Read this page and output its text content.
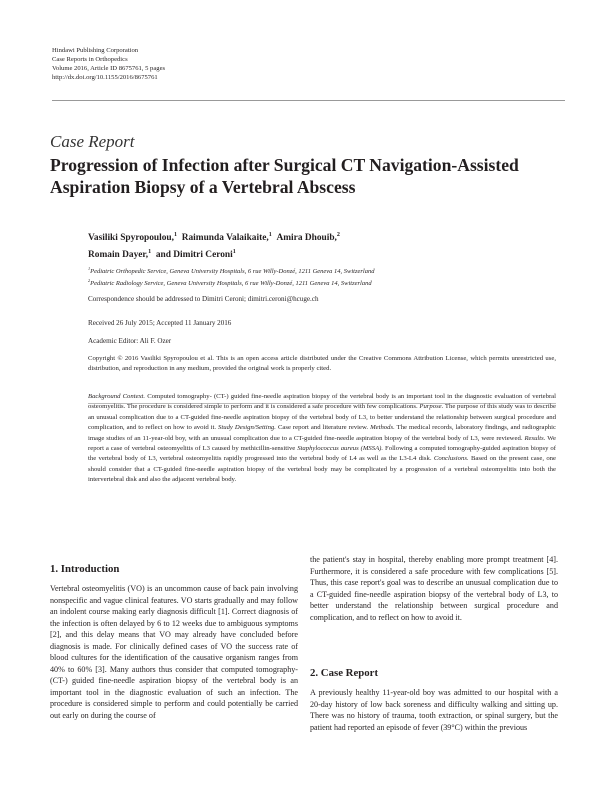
Hindawi Publishing Corporation
Case Reports in Orthopedics
Volume 2016, Article ID 8675761, 5 pages
http://dx.doi.org/10.1155/2016/8675761
Case Report
Progression of Infection after Surgical CT Navigation-Assisted Aspiration Biopsy of a Vertebral Abscess
Vasiliki Spyropoulou,$^1$ Raimunda Valaikaite,$^1$ Amira Dhouib,$^2$
Romain Dayer,$^1$ and Dimitri Ceroni$^1$
$^1$Pediatric Orthopedic Service, Geneva University Hospitals, 6 rue Willy-Donzé, 1211 Geneva 14, Switzerland
$^2$Pediatric Radiology Service, Geneva University Hospitals, 6 rue Willy-Donzé, 1211 Geneva 14, Switzerland
Correspondence should be addressed to Dimitri Ceroni; dimitri.ceroni@hcuge.ch
Received 26 July 2015; Accepted 11 January 2016
Academic Editor: Ali F. Ozer
Copyright © 2016 Vasiliki Spyropoulou et al. This is an open access article distributed under the Creative Commons Attribution License, which permits unrestricted use, distribution, and reproduction in any medium, provided the original work is properly cited.
Background Context. Computed tomography- (CT-) guided fine-needle aspiration biopsy of the vertebral body is an important tool in the diagnostic evaluation of vertebral osteomyelitis. The procedure is considered simple to perform and it is considered a safe procedure with few complications. Purpose. The purpose of this study was to describe an unusual complication due to a CT-guided fine-needle aspiration biopsy of the vertebral body of L3, to better understand the relationship between surgical procedure and complication, and to reflect on how to avoid it. Study Design/Setting. Case report and literature review. Methods. The medical records, laboratory findings, and radiographic image studies of an 11-year-old boy, with an unusual complication due to a CT-guided fine-needle aspiration biopsy of the vertebral body of L3, were reviewed. Results. We report a case of vertebral osteomyelitis of L3 caused by methicillin-sensitive Staphylococcus aureus (MSSA). Following a computed tomography-guided aspiration biopsy of the vertebral body of L3, vertebral osteomyelitis rapidly progressed into the vertebral body of L4 as well as the L3-L4 disk. Conclusions. Based on the present case, one should consider that a CT-guided fine-needle aspiration biopsy of the vertebral body may be complicated by a progression of a vertebral osteomyelitis into both the intervertebral disk and also the adjacent vertebral body.
1. Introduction
Vertebral osteomyelitis (VO) is an uncommon cause of back pain involving nonspecific and vague clinical features. VO starts gradually and may follow an indolent course making early diagnosis difficult [1]. Correct diagnosis of the infection is often delayed by 6 to 12 weeks due to ambiguous symptoms [2], and this delay means that VO may already have concluded before diagnosis is made. For clinically defined cases of VO the success rate of blood cultures for the identification of the causative organism ranges from 40% to 60% [3]. Many authors thus consider that computed tomography- (CT-) guided fine-needle aspiration biopsy of the vertebral body is an important tool in the diagnostic evaluation of such an infection. The procedure is considered simple to perform and could potentially be carried out early on during the course of
the patient's stay in hospital, thereby enabling more prompt treatment [4]. Furthermore, it is considered a safe procedure with few complications [5]. Thus, this case report's goal was to describe an unusual complication due to a CT-guided fine-needle aspiration biopsy of the vertebral body of L3, to better understand the relationship between surgical procedure and complication, and to reflect on how to avoid it.
2. Case Report
A previously healthy 11-year-old boy was admitted to our hospital with a 20-day history of low back soreness and difficulty walking and sitting up. There was no history of trauma, tooth extraction, or spinal surgery, but the patient had reported an episode of fever (39°C) within the previous
